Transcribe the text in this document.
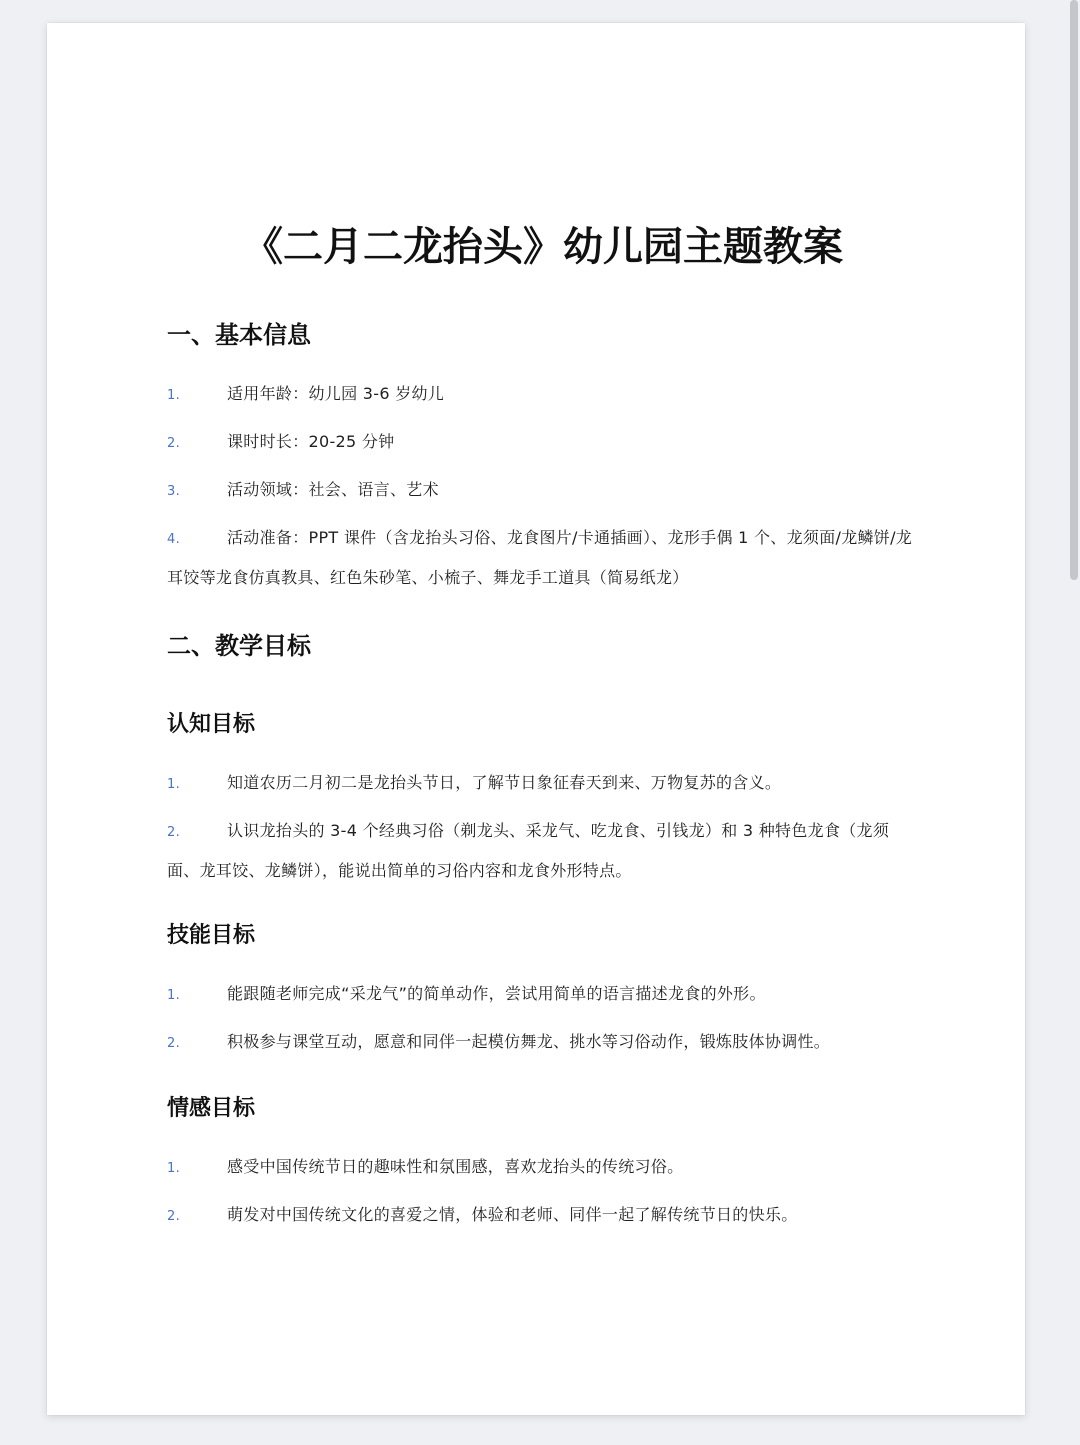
《二月二龙抬头》幼儿园主题教案
一、基本信息
1.	适用年龄：幼儿园 3-6 岁幼儿
2.	课时时长：20-25 分钟
3.	活动领域：社会、语言、艺术
4.	活动准备：PPT 课件（含龙抬头习俗、龙食图片/卡通插画）、龙形手偶 1 个、龙须面/龙鳞饼/龙耳饺等龙食仿真教具、红色朱砂笔、小梳子、舞龙手工道具（简易纸龙）
二、教学目标
认知目标
1.	知道农历二月初二是龙抬头节日，了解节日象征春天到来、万物复苏的含义。
2.	认识龙抬头的 3-4 个经典习俗（剃龙头、采龙气、吃龙食、引钱龙）和 3 种特色龙食（龙须面、龙耳饺、龙鳞饼），能说出简单的习俗内容和龙食外形特点。
技能目标
1.	能跟随老师完成“采龙气”的简单动作，尝试用简单的语言描述龙食的外形。
2.	积极参与课堂互动，愿意和同伴一起模仿舞龙、挑水等习俗动作，锻炼肢体协调性。
情感目标
1.	感受中国传统节日的趣味性和氛围感，喜欢龙抬头的传统习俗。
2.	萌发对中国传统文化的喜爱之情，体验和老师、同伴一起了解传统节日的快乐。
